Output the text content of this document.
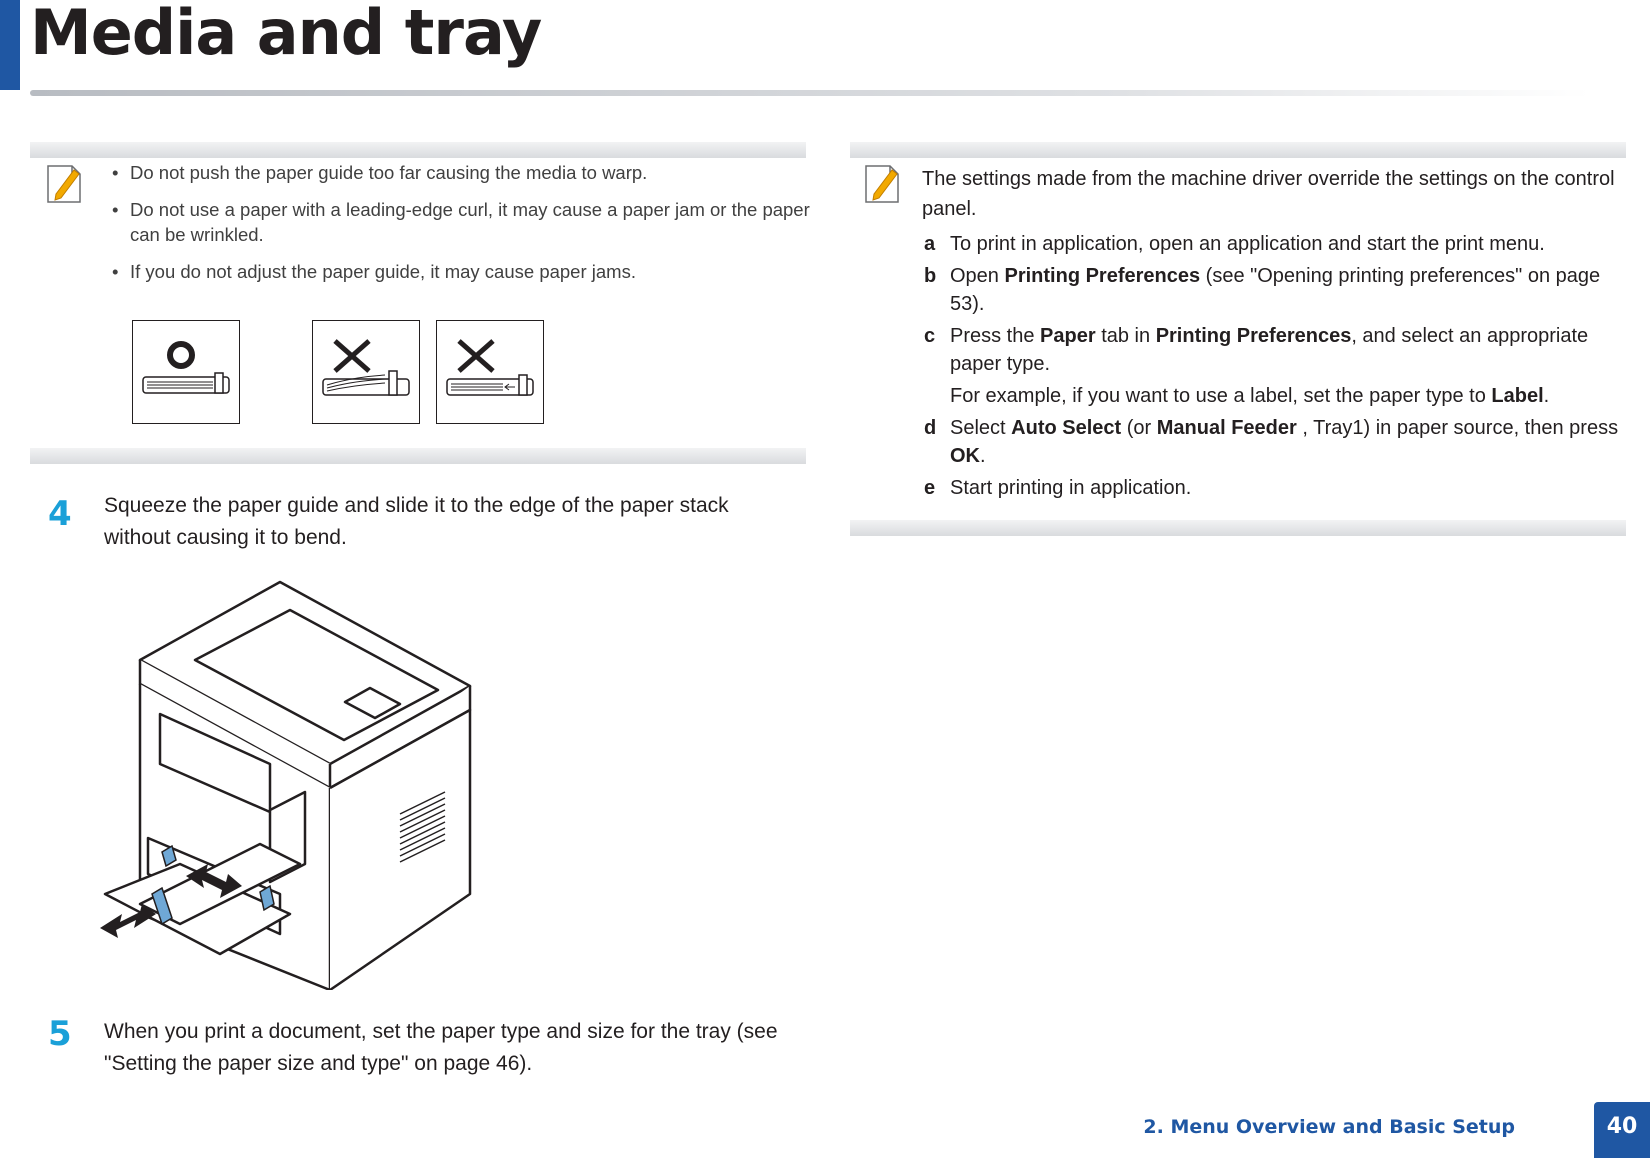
Media and tray
• Do not push the paper guide too far causing the media to warp.
• Do not use a paper with a leading-edge curl, it may cause a paper jam or the paper can be wrinkled.
• If you do not adjust the paper guide, it may cause paper jams.
4 Squeeze the paper guide and slide it to the edge of the paper stack without causing it to bend.
5 When you print a document, set the paper type and size for the tray (see "Setting the paper size and type" on page 46).
The settings made from the machine driver override the settings on the control panel.
a To print in application, open an application and start the print menu.
b Open Printing Preferences (see "Opening printing preferences" on page 53).
c Press the Paper tab in Printing Preferences, and select an appropriate paper type.
For example, if you want to use a label, set the paper type to Label.
d Select Auto Select (or Manual Feeder , Tray1) in paper source, then press OK.
e Start printing in application.
2. Menu Overview and Basic Setup	40
